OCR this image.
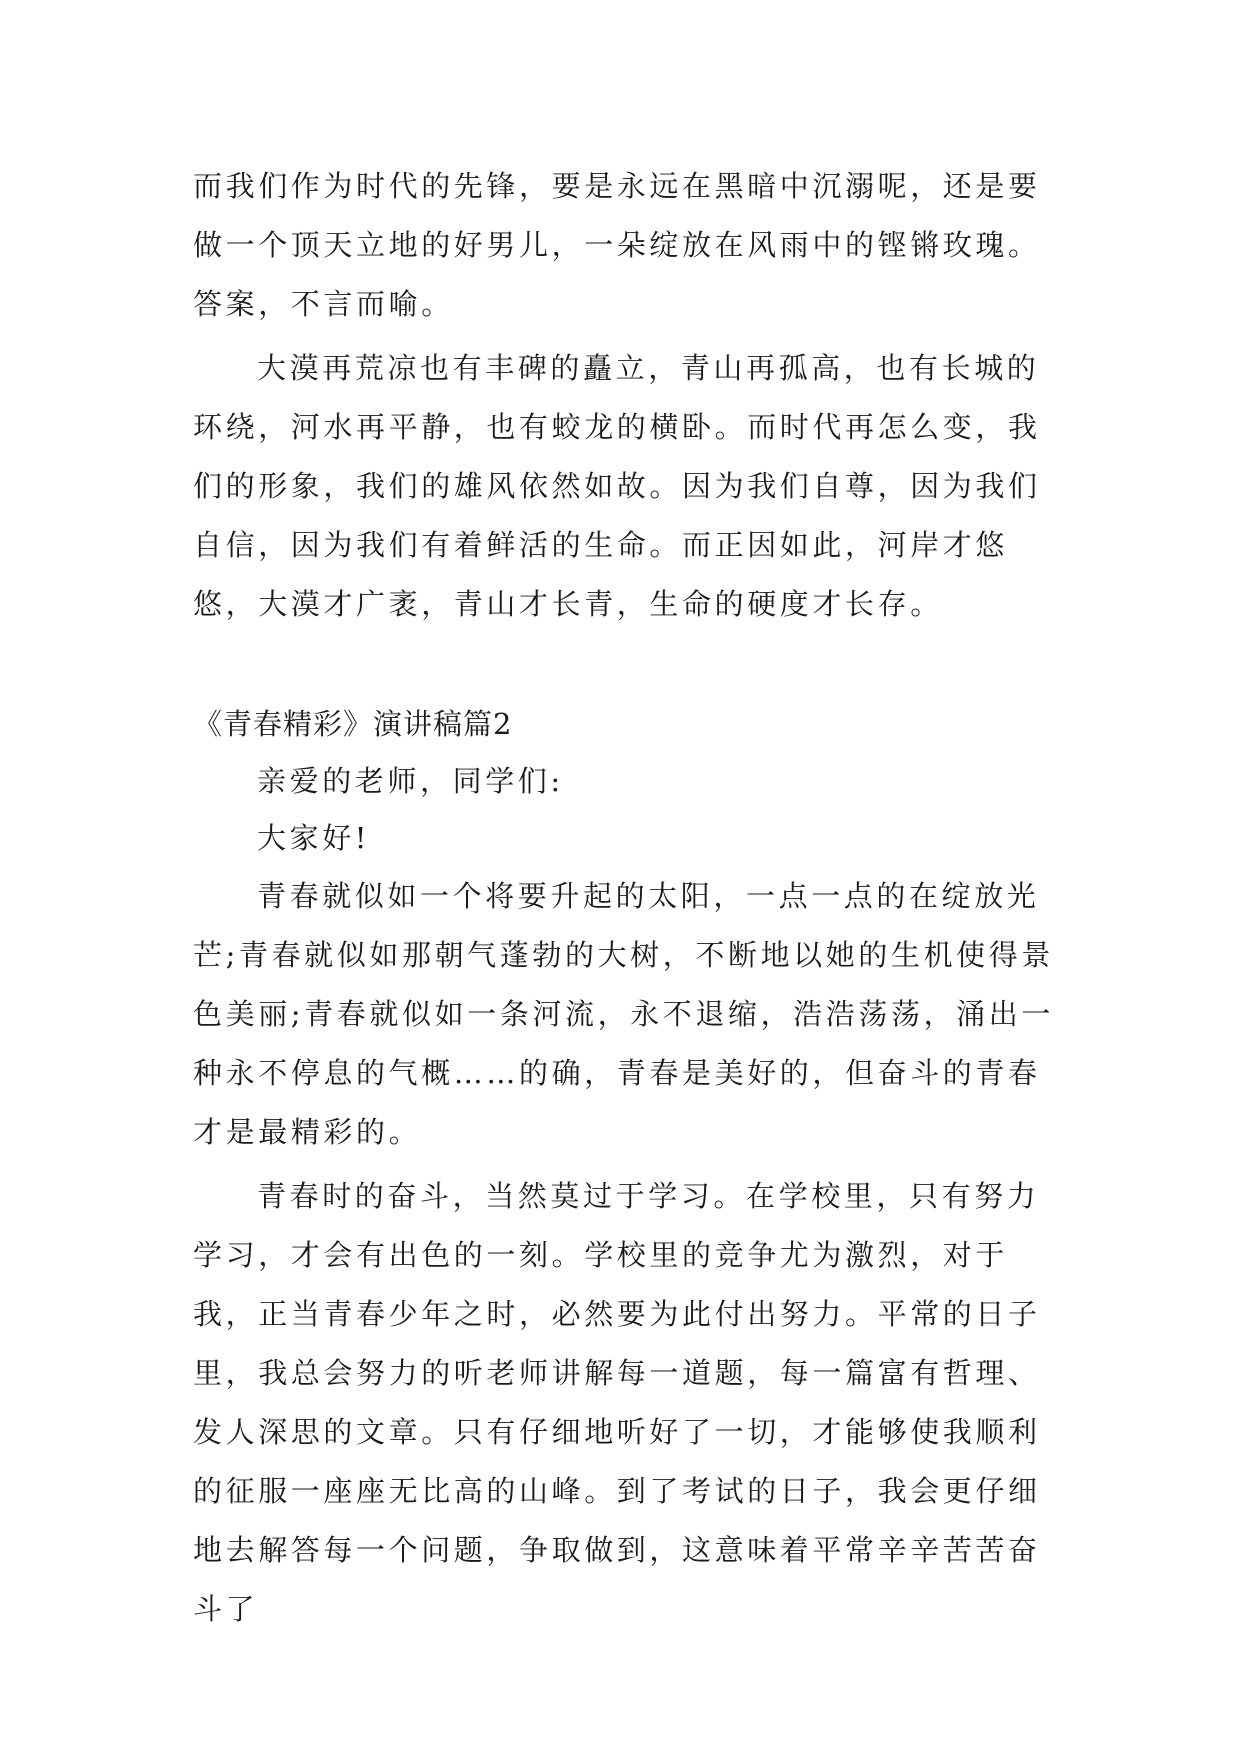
而我们作为时代的先锋，要是永远在黑暗中沉溺呢，还是要做一个顶天立地的好男儿，一朵绽放在风雨中的铿锵玫瑰。答案，不言而喻。

大漠再荒凉也有丰碑的矗立，青山再孤高，也有长城的环绕，河水再平静，也有蛟龙的横卧。而时代再怎么变，我们的形象，我们的雄风依然如故。因为我们自尊，因为我们自信，因为我们有着鲜活的生命。而正因如此，河岸才悠悠，大漠才广袤，青山才长青，生命的硬度才长存。

《青春精彩》演讲稿篇2

亲爱的老师，同学们:

大家好!

青春就似如一个将要升起的太阳，一点一点的在绽放光芒;青春就似如那朝气蓬勃的大树，不断地以她的生机使得景色美丽;青春就似如一条河流，永不退缩，浩浩荡荡，涌出一种永不停息的气概……的确，青春是美好的，但奋斗的青春才是最精彩的。

青春时的奋斗，当然莫过于学习。在学校里，只有努力学习，才会有出色的一刻。学校里的竞争尤为激烈，对于我，正当青春少年之时，必然要为此付出努力。平常的日子里，我总会努力的听老师讲解每一道题，每一篇富有哲理、发人深思的文章。只有仔细地听好了一切，才能够使我顺利的征服一座座无比高的山峰。到了考试的日子，我会更仔细地去解答每一个问题，争取做到，这意味着平常辛辛苦苦奋斗了
